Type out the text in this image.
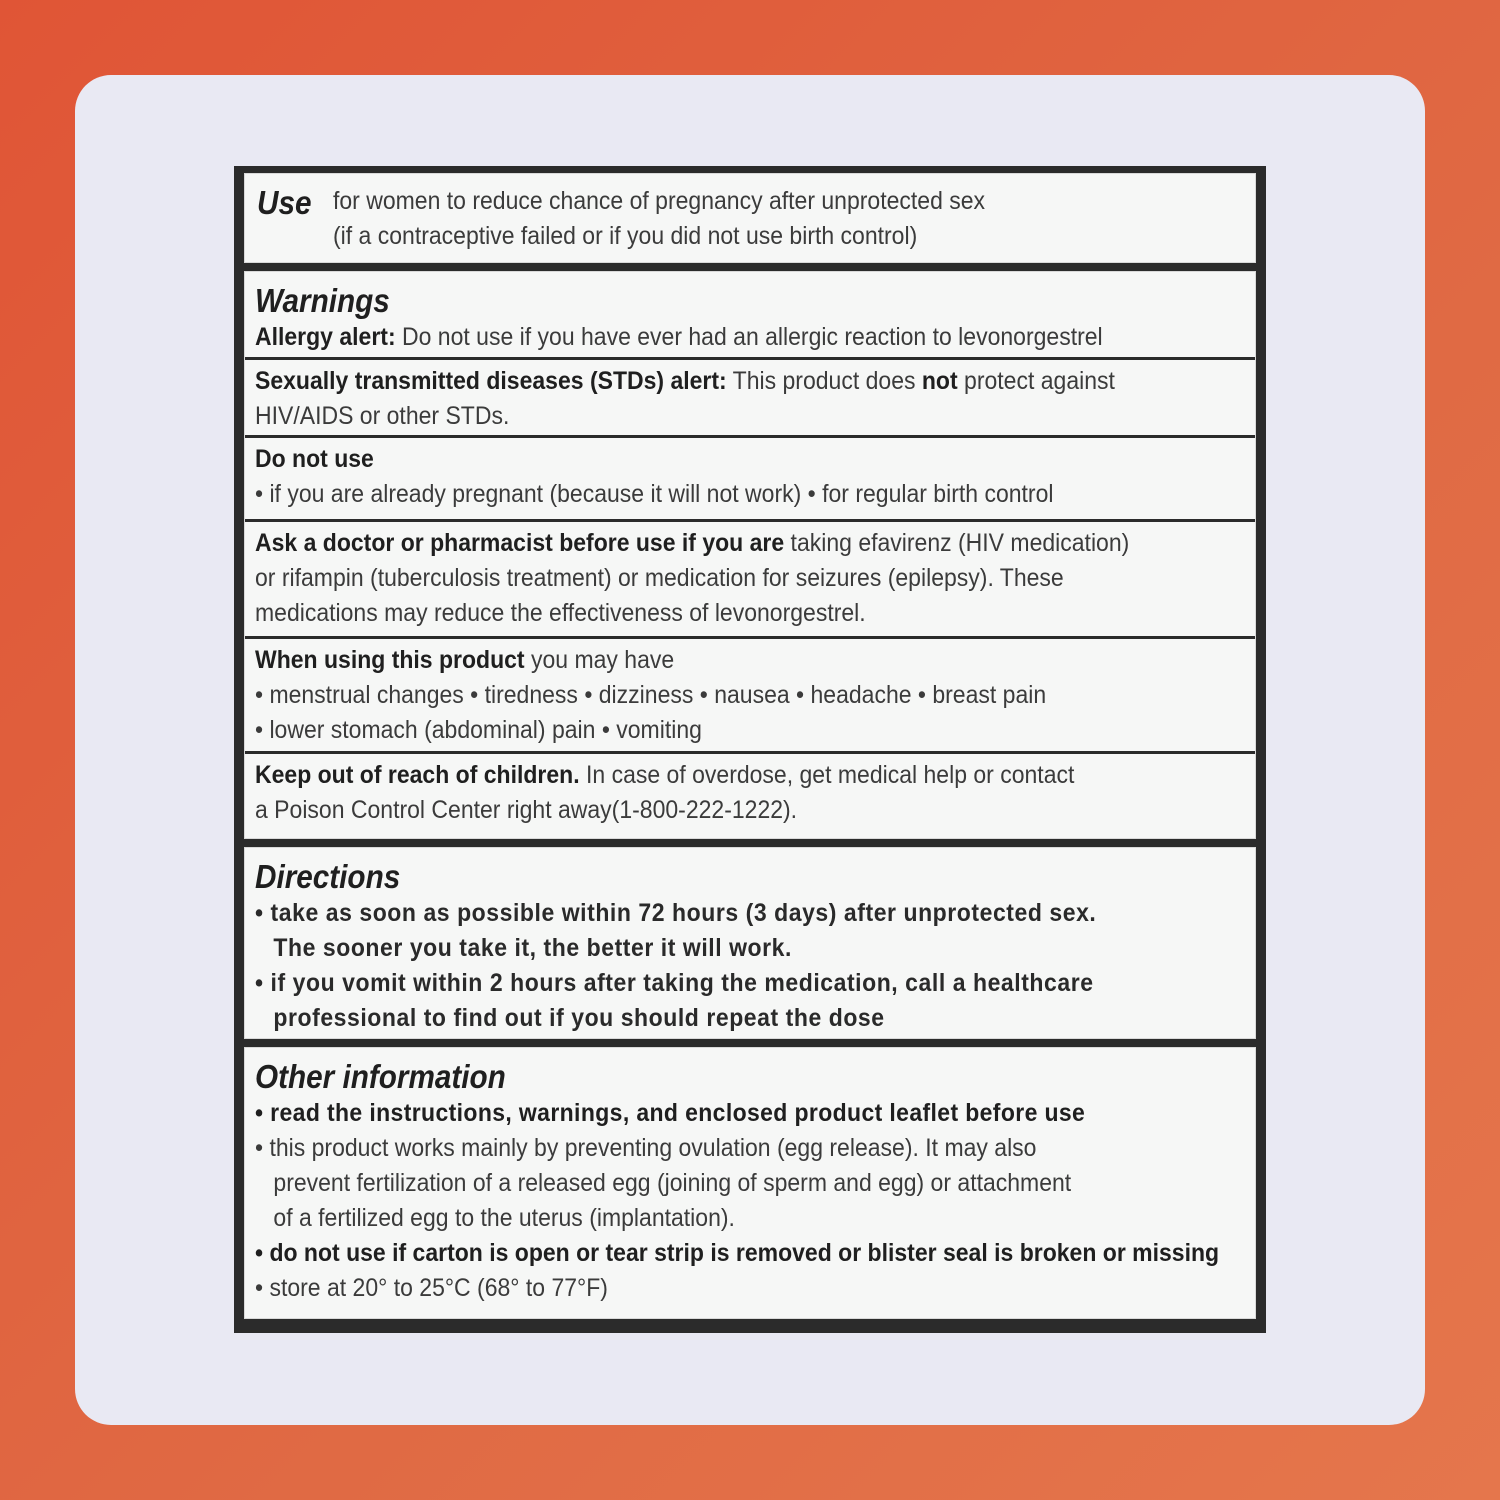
Use for women to reduce chance of pregnancy after unprotected sex
(if a contraceptive failed or if you did not use birth control)
Warnings
Allergy alert: Do not use if you have ever had an allergic reaction to levonorgestrel
Sexually transmitted diseases (STDs) alert: This product does not protect against
HIV/AIDS or other STDs.
Do not use
• if you are already pregnant (because it will not work) • for regular birth control
Ask a doctor or pharmacist before use if you are taking efavirenz (HIV medication)
or rifampin (tuberculosis treatment) or medication for seizures (epilepsy). These
medications may reduce the effectiveness of levonorgestrel.
When using this product you may have
• menstrual changes • tiredness • dizziness • nausea • headache • breast pain
• lower stomach (abdominal) pain • vomiting
Keep out of reach of children. In case of overdose, get medical help or contact
a Poison Control Center right away(1-800-222-1222).
Directions
• take as soon as possible within 72 hours (3 days) after unprotected sex.
The sooner you take it, the better it will work.
• if you vomit within 2 hours after taking the medication, call a healthcare
professional to find out if you should repeat the dose
Other information
• read the instructions, warnings, and enclosed product leaflet before use
• this product works mainly by preventing ovulation (egg release). It may also
prevent fertilization of a released egg (joining of sperm and egg) or attachment
of a fertilized egg to the uterus (implantation).
• do not use if carton is open or tear strip is removed or blister seal is broken or missing
• store at 20° to 25°C (68° to 77°F)
